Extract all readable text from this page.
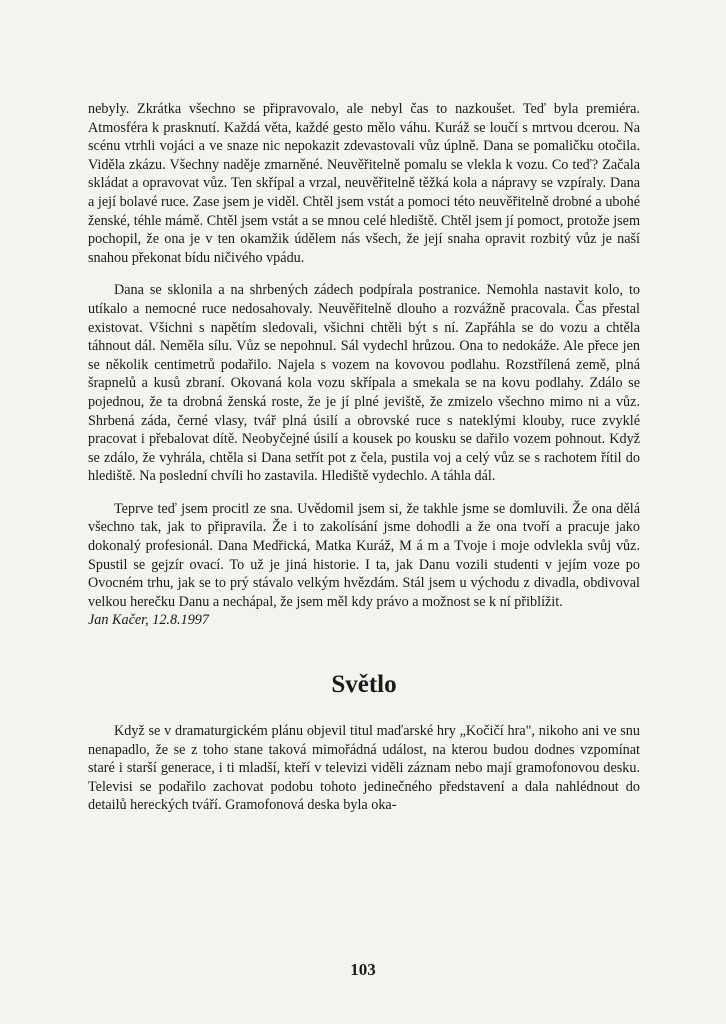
nebyly. Zkrátka všechno se připravovalo, ale nebyl čas to nazkoušet. Teď byla premiéra. Atmosféra k prasknutí. Každá věta, každé gesto mělo váhu. Kuráž se loučí s mrtvou dcerou. Na scénu vtrhli vojáci a ve snaze nic nepokazit zdevastovali vůz úplně. Dana se pomaličku otočila. Viděla zkázu. Všechny naděje zmarněné. Neuvěřitelně pomalu se vlekla k vozu. Co teď? Začala skládat a opravovat vůz. Ten skřípal a vrzal, neuvěřitelně těžká kola a nápravy se vzpíraly. Dana a její bolavé ruce. Zase jsem je viděl. Chtěl jsem vstát a pomoci této neuvěřitelně drobné a ubohé ženské, téhle mámě. Chtěl jsem vstát a se mnou celé hlediště. Chtěl jsem jí pomoct, protože jsem pochopil, že ona je v ten okamžik údělem nás všech, že její snaha opravit rozbitý vůz je naší snahou překonat bídu ničivého vpádu.

Dana se sklonila a na shrbených zádech podpírala postranice. Nemohla nastavit kolo, to utíkalo a nemocné ruce nedosahovaly. Neuvěřitelně dlouho a rozvážně pracovala. Čas přestal existovat. Všichni s napětím sledovali, všichni chtěli být s ní. Zapřáhla se do vozu a chtěla táhnout dál. Neměla sílu. Vůz se nepohnul. Sál vydechl hrůzou. Ona to nedokáže. Ale přece jen se několik centimetrů podařilo. Najela s vozem na kovovou podlahu. Rozstřílená země, plná šrapnelů a kusů zbraní. Okovaná kola vozu skřípala a smekala se na kovu podlahy. Zdálo se pojednou, že ta drobná ženská roste, že je jí plné jeviště, že zmizelo všechno mimo ni a vůz. Shrbená záda, černé vlasy, tvář plná úsilí a obrovské ruce s nateklými klouby, ruce zvyklé pracovat i přebalovat dítě. Neobyčejné úsilí a kousek po kousku se dařilo vozem pohnout. Když se zdálo, že vyhrála, chtěla si Dana setřít pot z čela, pustila voj a celý vůz se s rachotem řítil do hlediště. Na poslední chvíli ho zastavila. Hlediště vydechlo. A táhla dál.

Teprve teď jsem procitl ze sna. Uvědomil jsem si, že takhle jsme se domluvili. Že ona dělá všechno tak, jak to připravila. Že i to zakolísání jsme dohodli a že ona tvoří a pracuje jako dokonalý profesionál. Dana Medřická, Matka Kuráž, M á m a Tvoje i moje odvlekla svůj vůz. Spustil se gejzír ovací. To už je jiná historie. I ta, jak Danu vozili studenti v jejím voze po Ovocném trhu, jak se to prý stávalo velkým hvězdám. Stál jsem u východu z divadla, obdivoval velkou herečku Danu a nechápal, že jsem měl kdy právo a možnost se k ní přiblížit.

Jan Kačer, 12.8.1997

Světlo

Když se v dramaturgickém plánu objevil titul maďarské hry „Kočičí hra", nikoho ani ve snu nenapadlo, že se z toho stane taková mimořádná událost, na kterou budou dodnes vzpomínat staré i starší generace, i ti mladší, kteří v televizi viděli záznam nebo mají gramofonovou desku. Televisi se podařilo zachovat podobu tohoto jedinečného představení a dala nahlédnout do detailů hereckých tváří. Gramofonová deska byla oka-

103
